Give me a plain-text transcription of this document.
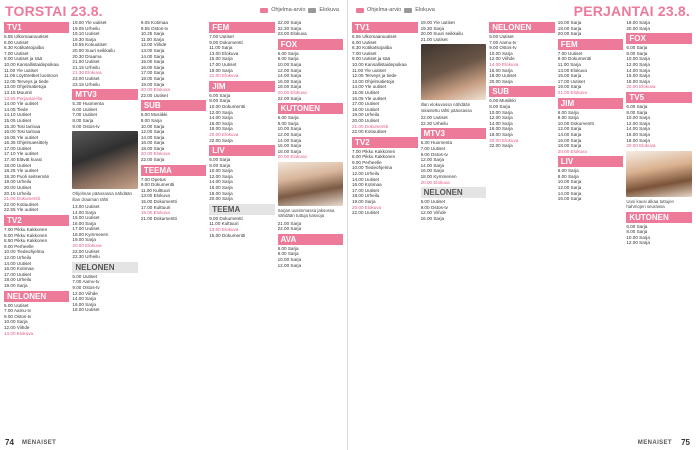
TORSTAI 23.8.	Ohjelma-arvio	Elokuva
TV1
5.55 Ulkomaanuutiset
6.00 Uutiset
6.30 Kotikatsojaiiba
7.00 Uutiset
9.00 Uutiset ja sää
10.00 Kansallistaidepoikaa
11.00 Yle uutiset
11.06 Löytöretket luontoon
12.05 Terveys ja tiede
13.00 Ohjelmatietoja
13.15 Muumit
13.55 Perjantai-ilta
14.00 Yle uutiset
14.05 Tiede
14.10 Uutiset
15.05 Uutiset
15.30 Tosi tarinaa
16.00 Tosi tarinaa
16.05 Yle uutiset
16.35 Ohjelmaesittely
17.00 Uutiset
17.10 Yle uutiset
17.40 Elävät kuvat
18.00 Uutiset
18.25 Yle uutiset
18.30 Puoli seitsemän
19.00 Urheilu
20.00 Uutiset
20.15 Urheilu
21.00 Dokumentti
22.00 Kotiuutiset
22.55 Yle uutiset
TV2
7.00 Pikku Kakkonen
8.00 Pikku Kakkonen
8.50 Pikku Kakkonen
9.00 Perheelle
10.00 Tiedeohjelma
12.00 Urheilu
14.00 Uutiset
16.00 Kotimaa
17.00 Uutiset
18.00 Urheilu
19.00 Sarja
NELONEN
5.00 Uutiset
7.00 Aamu-tv
9.00 Ostos-tv
10.00 Sarja
12.00 Viihde
14.00 Elokuva
19.00 Yle uutiset
19.05 Urheilu
19.10 Uutiset
19.30 Sarja
19.55 Kotiuutiset
20.00 Suuri seikkailu
20.30 Draama
21.00 Uutiset
21.15 Urheilu
21.30 Elokuva
23.00 Uutiset
23.15 Urheilu
MTV3
5.30 Huomenta
6.00 Uutiset
7.00 Uutiset
8.00 Sarja
9.00 Ostos-tv
Ohjelman pääosassa nähdään illan draaman tähti
13.00 Uutiset
14.00 Sarja
15.00 Uutiset
16.00 Sarja
17.00 Uutiset
18.00 Kymmenen
19.00 Sarja
20.00 Elokuva
22.00 Uutiset
22.30 Urheilu
NELONEN
5.00 Uutiset
7.00 Aamu-tv
9.00 Ostos-tv
12.00 Viihde
14.00 Sarja
16.00 Sarja
18.00 Uutiset
9.05 Kotimaa
9.55 Ostos-tv
10.25 Sarja
11.00 Sarja
12.00 Viihde
13.00 Sarja
14.00 Sarja
15.00 Sarja
16.00 Sarja
17.00 Sarja
18.00 Sarja
19.00 Sarja
20.00 Elokuva
22.00 Uutiset
SUB
6.00 Musiikki
8.00 Sarja
10.00 Sarja
12.00 Sarja
14.00 Sarja
16.00 Sarja
18.00 Sarja
20.00 Elokuva
22.00 Sarja
TEEMA
7.00 Opetus
9.00 Dokumentti
11.00 Kulttuuri
13.00 Elokuva
15.00 Dokumentti
17.00 Kulttuuri
19.00 Elokuva
21.00 Dokumentti
FEM
7.00 Uutiset
9.00 Dokumentti
11.00 Sarja
13.00 Elokuva
15.00 Sarja
17.00 Uutiset
19.00 Sarja
21.00 Elokuva
JIM
6.00 Sarja
8.00 Sarja
10.00 Dokumentti
12.00 Sarja
14.00 Sarja
16.00 Sarja
18.00 Sarja
20.00 Elokuva
22.00 Sarja
LIV
6.00 Sarja
8.00 Sarja
10.00 Sarja
12.00 Sarja
14.00 Sarja
16.00 Sarja
18.00 Sarja
20.00 Sarja
TEEMA
9.00 Dokumentti
11.00 Kulttuuri
13.00 Elokuva
15.00 Dokumentti
22.00 Sarja
22.30 Sarja
23.00 Elokuva
FOX
6.00 Sarja
8.00 Sarja
10.00 Sarja
12.00 Sarja
14.00 Sarja
16.00 Sarja
18.00 Sarja
20.00 Elokuva
22.00 Sarja
KUTONEN
6.00 Sarja
8.00 Sarja
10.00 Sarja
12.00 Sarja
14.00 Sarja
16.00 Sarja
18.00 Sarja
20.00 Elokuva
Sarjan uusimmassa jaksossa nähdään tuttuja kasvoja
21.00 Sarja
22.00 Sarja
AVA
6.00 Sarja
8.00 Sarja
10.00 Sarja
12.00 Sarja
74 MENAISET
PERJANTAI 23.8.
Ohjelma-arvio	Elokuva
TV1
5.55 Ulkomaanuutiset
6.00 Uutiset
6.30 Kotikatsojaiiba
7.00 Uutiset
9.00 Uutiset ja sää
10.00 Kansallistaidepoikaa
11.00 Yle uutiset
12.05 Terveys ja tiede
13.00 Ohjelmatietoja
14.00 Yle uutiset
15.05 Uutiset
16.05 Yle uutiset
17.00 Uutiset
18.00 Uutiset
19.00 Urheilu
20.00 Uutiset
21.00 Dokumentti
22.00 Kotiuutiset
TV2
7.00 Pikku Kakkonen
8.00 Pikku Kakkonen
9.00 Perheelle
10.00 Tiedeohjelma
12.00 Urheilu
14.00 Uutiset
16.00 Kotimaa
17.00 Uutiset
18.00 Urheilu
19.00 Sarja
20.00 Elokuva
22.00 Uutiset
19.00 Yle uutiset
19.30 Sarja
20.00 Suuri seikkailu
21.00 Uutiset
Illan elokuvassa nähdään rakastettu tähti pääosassa
22.00 Uutiset
22.30 Urheilu
MTV3
5.30 Huomenta
7.00 Uutiset
9.00 Ostos-tv
12.00 Sarja
14.00 Sarja
16.00 Sarja
18.00 Kymmenen
20.00 Elokuva
NELONEN
5.00 Uutiset
9.00 Ostos-tv
12.00 Viihde
16.00 Sarja
NELONEN
5.00 Uutiset
7.00 Aamu-tv
9.00 Ostos-tv
10.00 Sarja
12.00 Viihde
14.00 Elokuva
16.00 Sarja
18.00 Uutiset
20.00 Sarja
SUB
6.00 Musiikki
8.00 Sarja
10.00 Sarja
12.00 Sarja
14.00 Sarja
16.00 Sarja
18.00 Sarja
20.00 Elokuva
22.00 Sarja
16.00 Sarja
18.00 Sarja
20.00 Sarja
FEM
7.00 Uutiset
9.00 Dokumentti
11.00 Sarja
13.00 Elokuva
15.00 Sarja
17.00 Uutiset
19.00 Sarja
21.00 Elokuva
JIM
6.00 Sarja
8.00 Sarja
10.00 Dokumentti
12.00 Sarja
14.00 Sarja
16.00 Sarja
18.00 Sarja
20.00 Elokuva
LIV
6.00 Sarja
8.00 Sarja
10.00 Sarja
12.00 Sarja
14.00 Sarja
16.00 Sarja
18.00 Sarja
20.00 Sarja
FOX
6.00 Sarja
8.00 Sarja
10.00 Sarja
12.00 Sarja
14.00 Sarja
16.00 Sarja
18.00 Sarja
20.00 Elokuva
TV5
6.00 Sarja
8.00 Sarja
10.00 Sarja
12.00 Sarja
14.00 Sarja
16.00 Sarja
18.00 Sarja
20.00 Elokuva
Uusi kausi alkaa tuttujen hahmojen seurassa
KUTONEN
6.00 Sarja
8.00 Sarja
10.00 Sarja
12.00 Sarja
75
MENAISET
